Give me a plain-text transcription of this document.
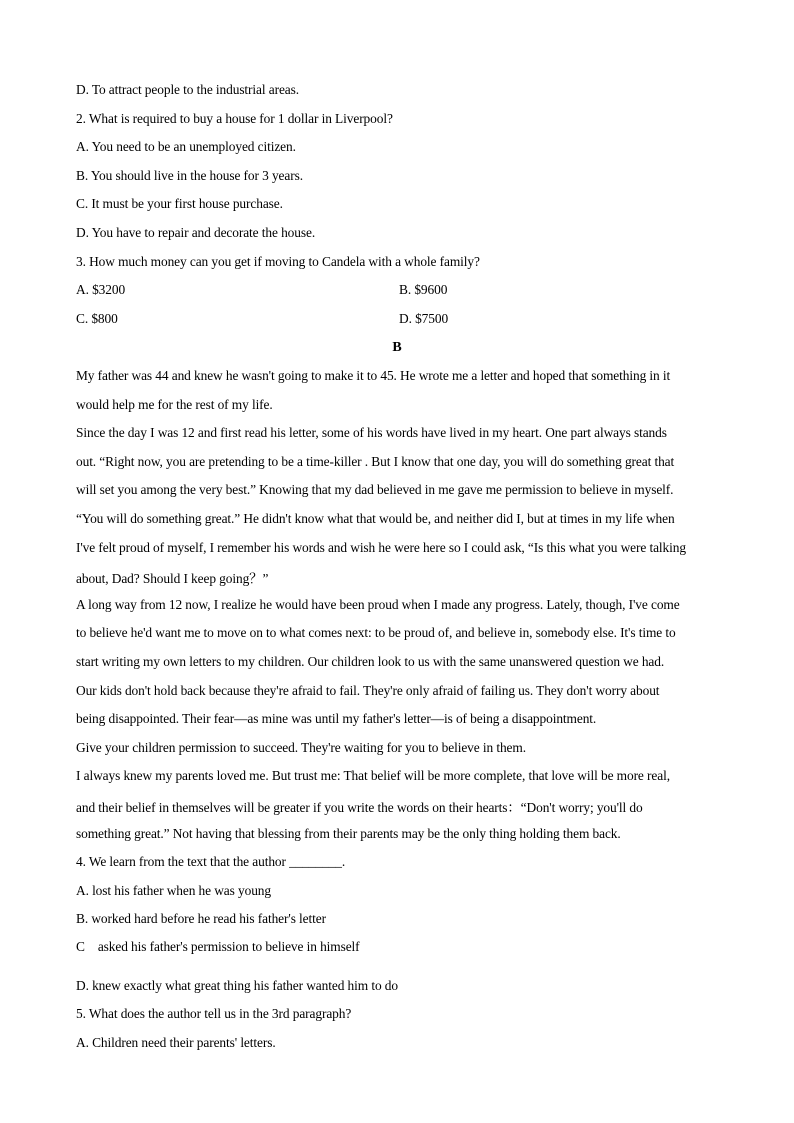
D. To attract people to the industrial areas.
2. What is required to buy a house for 1 dollar in Liverpool?
A. You need to be an unemployed citizen.
B. You should live in the house for 3 years.
C. It must be your first house purchase.
D. You have to repair and decorate the house.
3. How much money can you get if moving to Candela with a whole family?
A. $3200	B. $9600
C. $800	D. $7500
B
My father was 44 and knew he wasn't going to make it to 45. He wrote me a letter and hoped that something in it
would help me for the rest of my life.
Since the day I was 12 and first read his letter, some of his words have lived in my heart. One part always stands
out. “Right now, you are pretending to be a time-killer . But I know that one day, you will do something great that
will set you among the very best.” Knowing that my dad believed in me gave me permission to believe in myself.
“You will do something great.” He didn't know what that would be, and neither did I, but at times in my life when
I've felt proud of myself, I remember his words and wish he were here so I could ask, “Is this what you were talking
about, Dad? Should I keep going？”
A long way from 12 now, I realize he would have been proud when I made any progress. Lately, though, I've come
to believe he'd want me to move on to what comes next: to be proud of, and believe in, somebody else. It's time to
start writing my own letters to my children. Our children look to us with the same unanswered question we had.
Our kids don't hold back because they're afraid to fail. They're only afraid of failing us. They don't worry about
being disappointed. Their fear—as mine was until my father's letter—is of being a disappointment.
Give your children permission to succeed. They're waiting for you to believe in them.
I always knew my parents loved me. But trust me: That belief will be more complete, that love will be more real,
and their belief in themselves will be greater if you write the words on their hearts：“Don't worry; you'll do
something great.” Not having that blessing from their parents may be the only thing holding them back.
4. We learn from the text that the author ________.
A. lost his father when he was young
B. worked hard before he read his father's letter
C    asked his father's permission to believe in himself
D. knew exactly what great thing his father wanted him to do
5. What does the author tell us in the 3rd paragraph?
A. Children need their parents' letters.
